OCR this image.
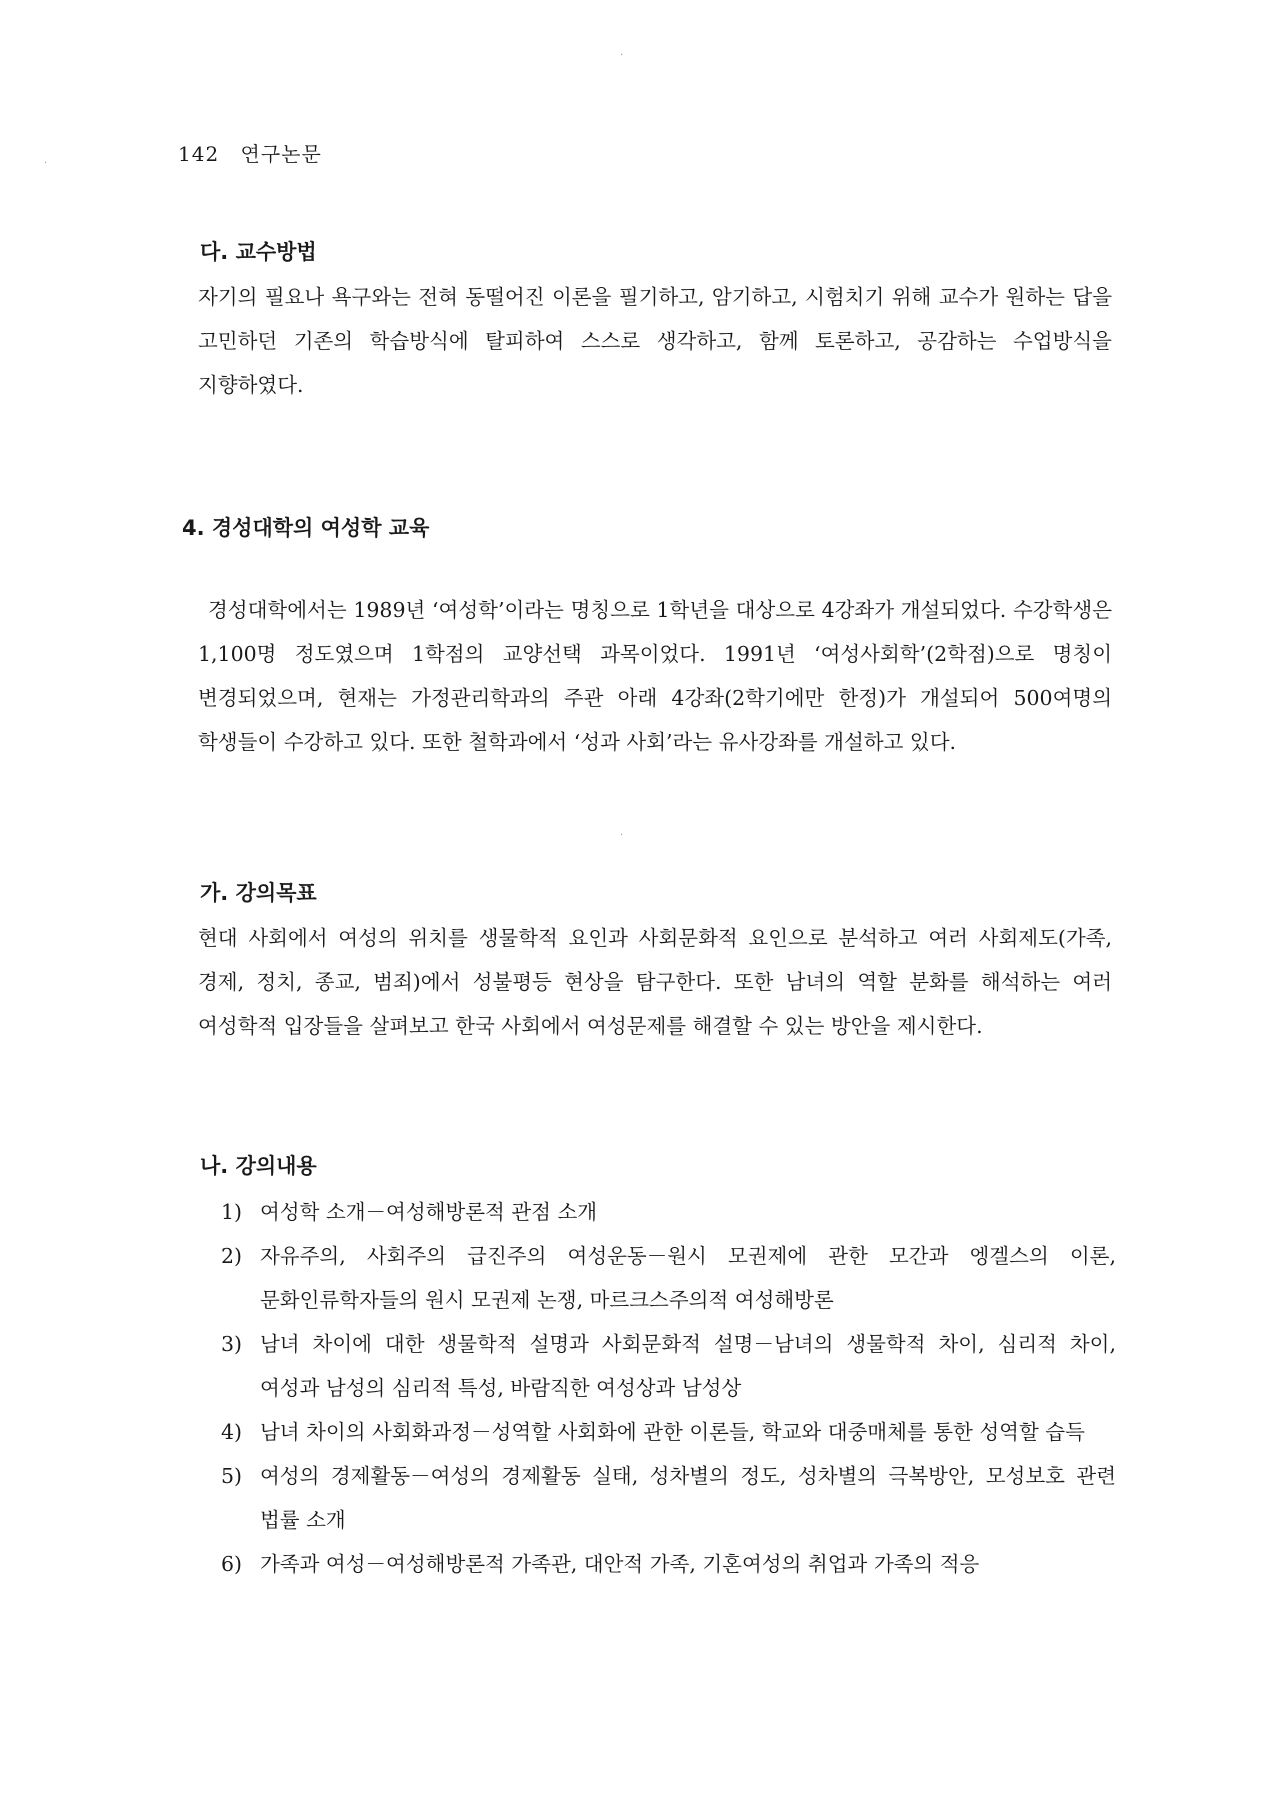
·
·
·
142 연구논문
다. 교수방법

자기의 필요나 욕구와는 전혀 동떨어진 이론을 필기하고, 암기하고, 시험치기 위해 교수가 원하는 답을 고민하던 기존의 학습방식에 탈피하여 스스로 생각하고, 함께 토론하고, 공감하는 수업방식을 지향하였다.

4. 경성대학의 여성학 교육

경성대학에서는 1989년 ‘여성학’이라는 명칭으로 1학년을 대상으로 4강좌가 개설되었다. 수강학생은 1,100명 정도였으며 1학점의 교양선택 과목이었다. 1991년 ‘여성사회학’(2학점)으로 명칭이 변경되었으며, 현재는 가정관리학과의 주관 아래 4강좌(2학기에만 한정)가 개설되어 500여명의 학생들이 수강하고 있다. 또한 철학과에서 ‘성과 사회’라는 유사강좌를 개설하고 있다.

가. 강의목표

현대 사회에서 여성의 위치를 생물학적 요인과 사회문화적 요인으로 분석하고 여러 사회제도(가족, 경제, 정치, 종교, 범죄)에서 성불평등 현상을 탐구한다. 또한 남녀의 역할 분화를 해석하는 여러 여성학적 입장들을 살펴보고 한국 사회에서 여성문제를 해결할 수 있는 방안을 제시한다.

나. 강의내용
1) 여성학 소개－여성해방론적 관점 소개
2) 자유주의, 사회주의 급진주의 여성운동－원시 모권제에 관한 모간과 엥겔스의 이론, 문화인류학자들의 원시 모권제 논쟁, 마르크스주의적 여성해방론
3) 남녀 차이에 대한 생물학적 설명과 사회문화적 설명－남녀의 생물학적 차이, 심리적 차이, 여성과 남성의 심리적 특성, 바람직한 여성상과 남성상
4) 남녀 차이의 사회화과정－성역할 사회화에 관한 이론들, 학교와 대중매체를 통한 성역할 습득
5) 여성의 경제활동－여성의 경제활동 실태, 성차별의 정도, 성차별의 극복방안, 모성보호 관련 법률 소개
6) 가족과 여성－여성해방론적 가족관, 대안적 가족, 기혼여성의 취업과 가족의 적응
